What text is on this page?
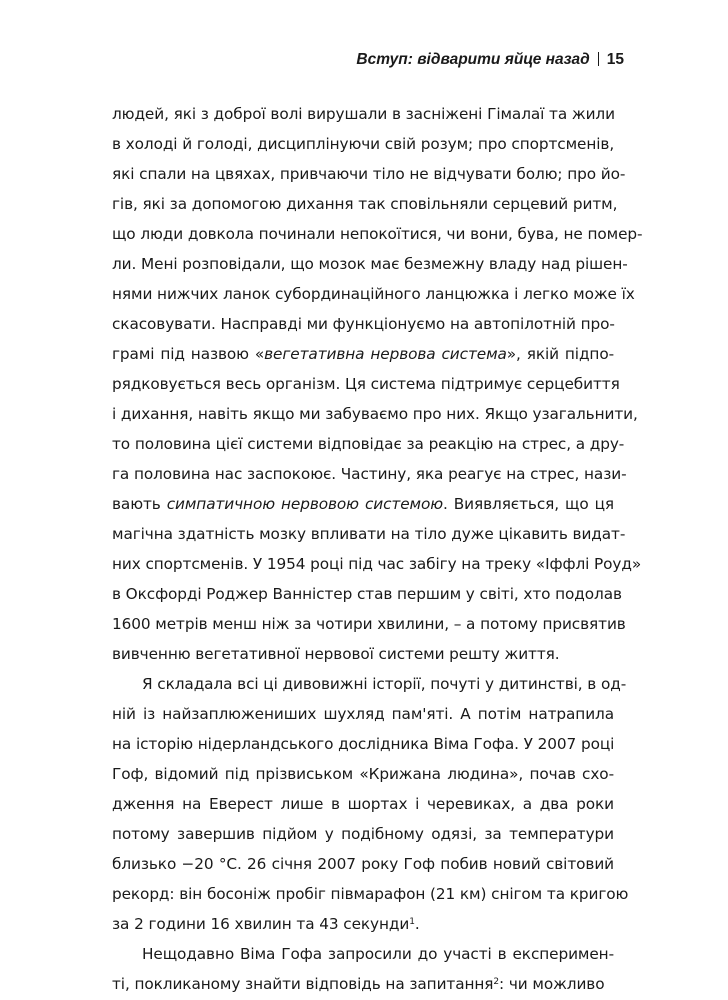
Вступ: відварити яйце назад 15

людей, які з доброї волі вирушали в засніжені Гімалаї та жили
в холоді й голоді, дисциплінуючи свій розум; про спортсменів,
які спали на цвяхах, привчаючи тіло не відчувати болю; про йо-
гів, які за допомогою дихання так сповільняли серцевий ритм,
що люди довкола починали непокоїтися, чи вони, бува, не помер-
ли. Мені розповідали, що мозок має безмежну владу над рішен-
нями нижчих ланок субординаційного ланцюжка і легко може їх
скасовувати. Насправді ми функціонуємо на автопілотній про-
грамі під назвою «вегетативна нервова система», якій підпо-
рядковується весь організм. Ця система підтримує серцебиття
і дихання, навіть якщо ми забуваємо про них. Якщо узагальнити,
то половина цієї системи відповідає за реакцію на стрес, а дру-
га половина нас заспокоює. Частину, яка реагує на стрес, нази-
вають симпатичною нервовою системою. Виявляється, що ця
магічна здатність мозку впливати на тіло дуже цікавить видат-
них спортсменів. У 1954 році під час забігу на треку «Іффлі Роуд»
в Оксфорді Роджер Ванністер став першим у світі, хто подолав
1600 метрів менш ніж за чотири хвилини, – а потому присвятив
вивченню вегетативної нервової системи решту життя.

Я складала всі ці дивовижні історії, почуті у дитинстві, в од-
ній із найзаплюжениших шухляд пам'яті. А потім натрапила
на історію нідерландського дослідника Віма Гофа. У 2007 році
Гоф, відомий під прізвиськом «Крижана людина», почав схо-
дження на Еверест лише в шортах і черевиках, а два роки
потому завершив підйом у подібному одязі, за температури
близько −20 °С. 26 січня 2007 року Гоф побив новий світовий
рекорд: він босоніж пробіг півмарафон (21 км) снігом та кригою
за 2 години 16 хвилин та 43 секунди$^1$.

Нещодавно Віма Гофа запросили до участі в експеримен-
ті, покликаному знайти відповідь на запитання$^2$: чи можливо
